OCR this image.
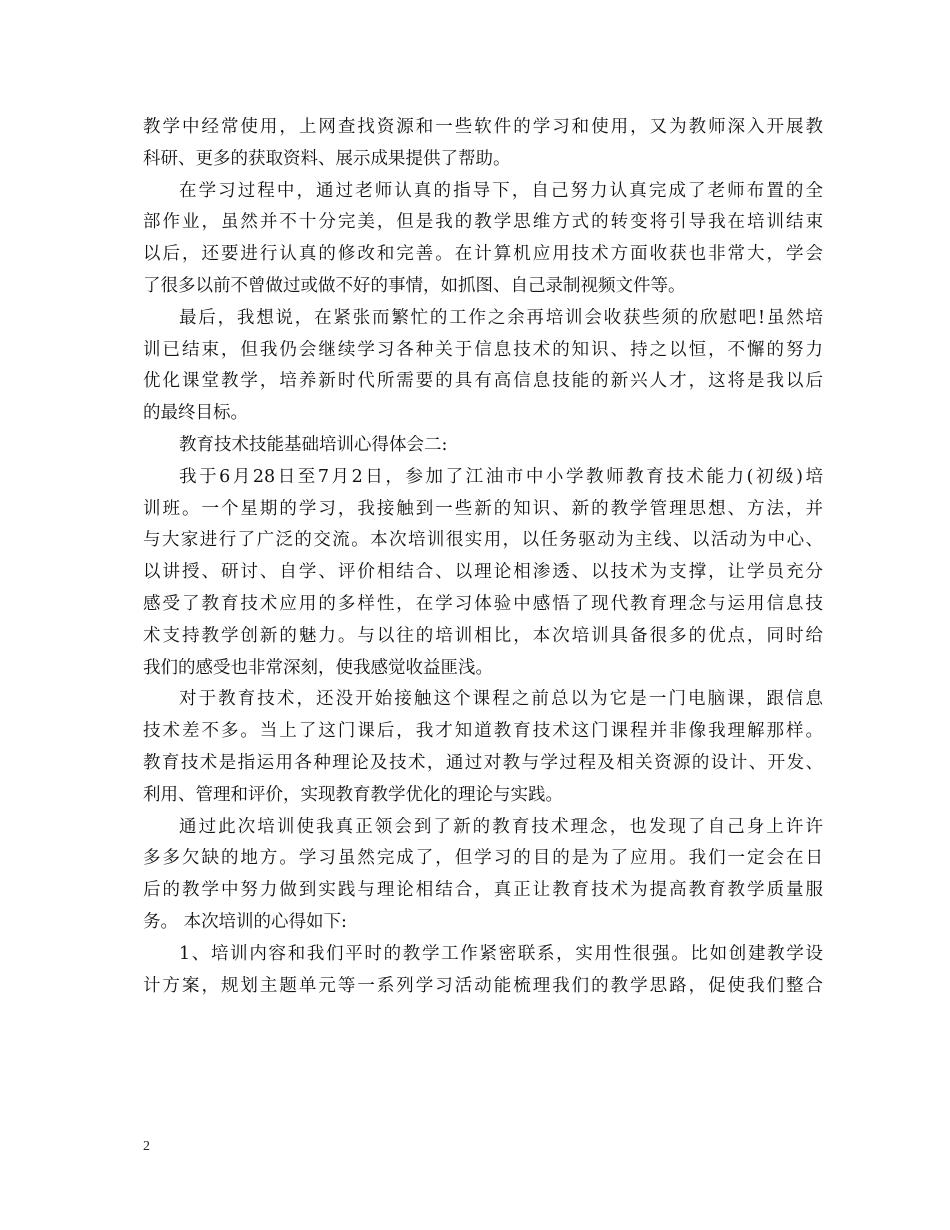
教学中经常使用，上网查找资源和一些软件的学习和使用，又为教师深入开展教
科研、更多的获取资料、展示成果提供了帮助。
在学习过程中，通过老师认真的指导下，自己努力认真完成了老师布置的全
部作业，虽然并不十分完美，但是我的教学思维方式的转变将引导我在培训结束
以后，还要进行认真的修改和完善。在计算机应用技术方面收获也非常大，学会
了很多以前不曾做过或做不好的事情，如抓图、自己录制视频文件等。
最后，我想说，在紧张而繁忙的工作之余再培训会收获些须的欣慰吧!虽然培
训已结束，但我仍会继续学习各种关于信息技术的知识、持之以恒，不懈的努力
优化课堂教学，培养新时代所需要的具有高信息技能的新兴人才，这将是我以后
的最终目标。
教育技术技能基础培训心得体会二:
我于6月28日至7月2日，参加了江油市中小学教师教育技术能力(初级)培
训班。一个星期的学习，我接触到一些新的知识、新的教学管理思想、方法，并
与大家进行了广泛的交流。本次培训很实用，以任务驱动为主线、以活动为中心、
以讲授、研讨、自学、评价相结合、以理论相渗透、以技术为支撑，让学员充分
感受了教育技术应用的多样性，在学习体验中感悟了现代教育理念与运用信息技
术支持教学创新的魅力。与以往的培训相比，本次培训具备很多的优点，同时给
我们的感受也非常深刻，使我感觉收益匪浅。
对于教育技术，还没开始接触这个课程之前总以为它是一门电脑课，跟信息
技术差不多。当上了这门课后，我才知道教育技术这门课程并非像我理解那样。
教育技术是指运用各种理论及技术，通过对教与学过程及相关资源的设计、开发、
利用、管理和评价，实现教育教学优化的理论与实践。
通过此次培训使我真正领会到了新的教育技术理念，也发现了自己身上许许
多多欠缺的地方。学习虽然完成了，但学习的目的是为了应用。我们一定会在日
后的教学中努力做到实践与理论相结合，真正让教育技术为提高教育教学质量服
务。 本次培训的心得如下:
1、培训内容和我们平时的教学工作紧密联系，实用性很强。比如创建教学设
计方案，规划主题单元等一系列学习活动能梳理我们的教学思路，促使我们整合
2
